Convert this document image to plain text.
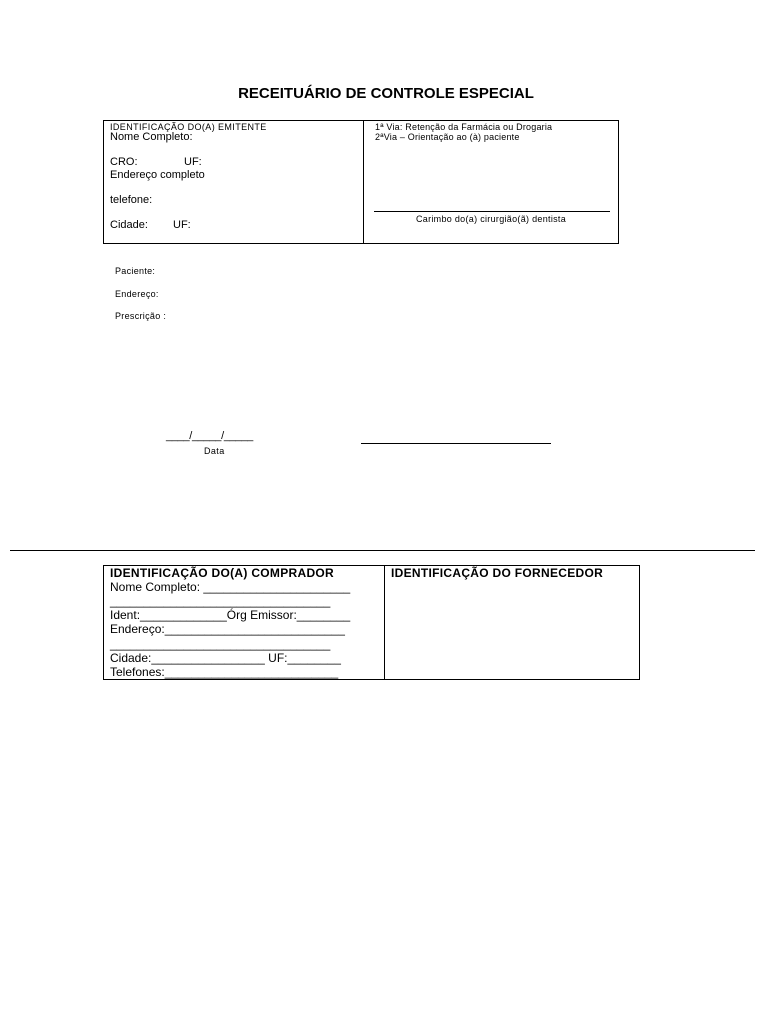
RECEITUÁRIO DE CONTROLE ESPECIAL
IDENTIFICAÇÃO DO(A) EMITENTE
Nome Completo:
CRO:	UF:
Endereço completo
telefone:
Cidade: UF:
1ª Via: Retenção da Farmácia ou Drogaria
2ªVia – Orientação ao (à) paciente
Carimbo do(a) cirurgião(ã) dentista
Paciente:
Endereço:
Prescrição :
____/_____/_____
Data
IDENTIFICAÇÃO DO(A) COMPRADOR
Nome Completo: ______________________
_________________________________
Ident:_____________Órg Emissor:________
Endereço:___________________________
_________________________________
Cidade:_________________ UF:________
Telefones:__________________________
IDENTIFICAÇÃO DO FORNECEDOR
